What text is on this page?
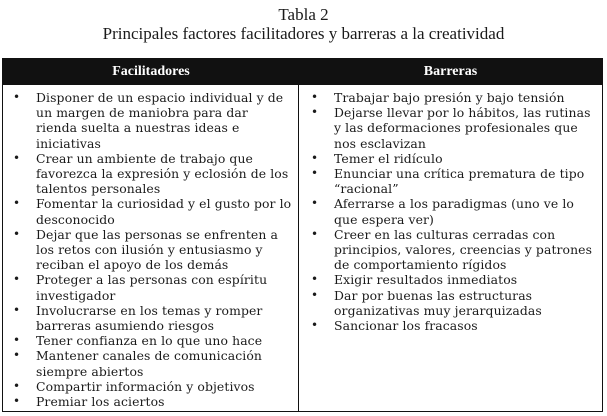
Tabla 2
Principales factores facilitadores y barreras a la creatividad
Facilitadores	Barreras
• Disponer de un espacio individual y de un margen de maniobra para dar rienda suelta a nuestras ideas e iniciativas
• Crear un ambiente de trabajo que favorezca la expresión y eclosión de los talentos personales
• Fomentar la curiosidad y el gusto por lo desconocido
• Dejar que las personas se enfrenten a los retos con ilusión y entusiasmo y reciban el apoyo de los demás
• Proteger a las personas con espíritu investigador
• Involucrarse en los temas y romper barreras asumiendo riesgos
• Tener confianza en lo que uno hace
• Mantener canales de comunicación siempre abiertos
• Compartir información y objetivos
• Premiar los aciertos
• Trabajar bajo presión y bajo tensión
• Dejarse llevar por lo hábitos, las rutinas y las deformaciones profesionales que nos esclavizan
• Temer el ridículo
• Enunciar una crítica prematura de tipo “racional”
• Aferrarse a los paradigmas (uno ve lo que espera ver)
• Creer en las culturas cerradas con principios, valores, creencias y patrones de comportamiento rígidos
• Exigir resultados inmediatos
• Dar por buenas las estructuras organizativas muy jerarquizadas
• Sancionar los fracasos
